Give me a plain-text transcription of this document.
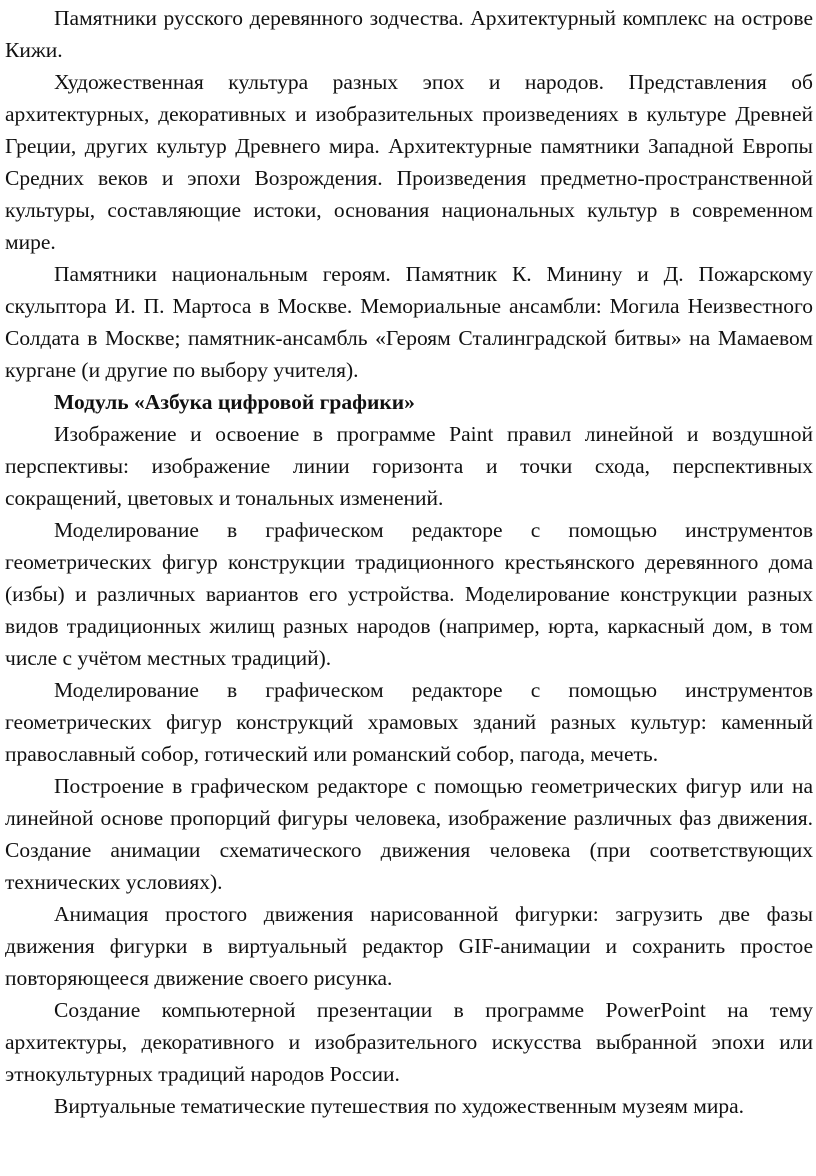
Памятники русского деревянного зодчества. Архитектурный комплекс на острове Кижи.

Художественная культура разных эпох и народов. Представления об архитектурных, декоративных и изобразительных произведениях в культуре Древней Греции, других культур Древнего мира. Архитектурные памятники Западной Европы Средних веков и эпохи Возрождения. Произведения предметно-пространственной культуры, составляющие истоки, основания национальных культур в современном мире.

Памятники национальным героям. Памятник К. Минину и Д. Пожарскому скульптора И. П. Мартоса в Москве. Мемориальные ансамбли: Могила Неизвестного Солдата в Москве; памятник-ансамбль «Героям Сталинградской битвы» на Мамаевом кургане (и другие по выбору учителя).

Модуль «Азбука цифровой графики»

Изображение и освоение в программе Paint правил линейной и воздушной перспективы: изображение линии горизонта и точки схода, перспективных сокращений, цветовых и тональных изменений.

Моделирование в графическом редакторе с помощью инструментов геометрических фигур конструкции традиционного крестьянского деревянного дома (избы) и различных вариантов его устройства. Моделирование конструкции разных видов традиционных жилищ разных народов (например, юрта, каркасный дом, в том числе с учётом местных традиций).

Моделирование в графическом редакторе с помощью инструментов геометрических фигур конструкций храмовых зданий разных культур: каменный православный собор, готический или романский собор, пагода, мечеть.

Построение в графическом редакторе с помощью геометрических фигур или на линейной основе пропорций фигуры человека, изображение различных фаз движения. Создание анимации схематического движения человека (при соответствующих технических условиях).

Анимация простого движения нарисованной фигурки: загрузить две фазы движения фигурки в виртуальный редактор GIF-анимации и сохранить простое повторяющееся движение своего рисунка.

Создание компьютерной презентации в программе PowerPoint на тему архитектуры, декоративного и изобразительного искусства выбранной эпохи или этнокультурных традиций народов России.

Виртуальные тематические путешествия по художественным музеям мира.
